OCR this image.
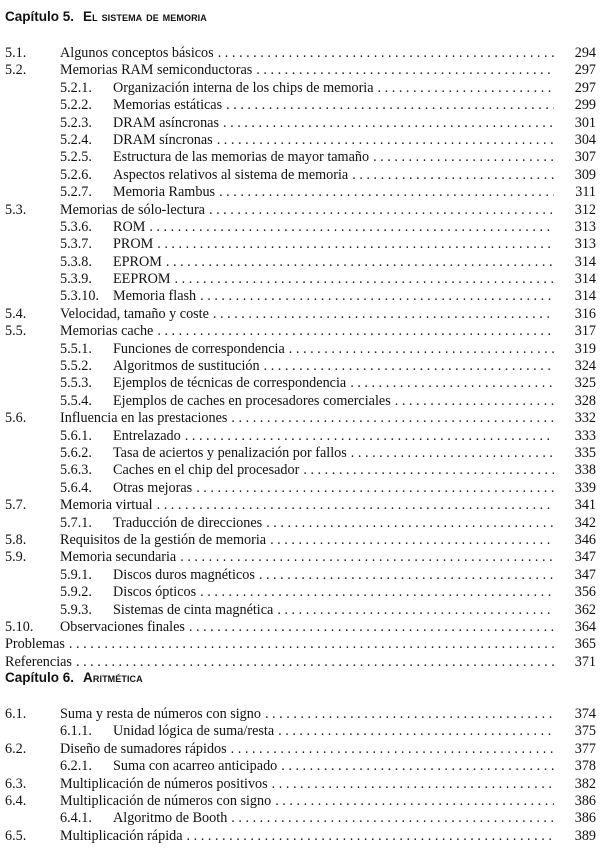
Capítulo 5. El sistema de memoria
5.1. Algunos conceptos básicos . . .	294
5.2. Memorias RAM semiconductoras . . .	297
5.2.1. Organización interna de los chips de memoria . . .	297
5.2.2. Memorias estáticas . . .	299
5.2.3. DRAM asíncronas . . .	301
5.2.4. DRAM síncronas . . .	304
5.2.5. Estructura de las memorias de mayor tamaño . . .	307
5.2.6. Aspectos relativos al sistema de memoria . . .	309
5.2.7. Memoria Rambus . . .	311
5.3. Memorias de sólo-lectura . . .	312
5.3.6. ROM . . .	313
5.3.7. PROM . . .	313
5.3.8. EPROM . . .	314
5.3.9. EEPROM . . .	314
5.3.10. Memoria flash . . .	314
5.4. Velocidad, tamaño y coste . . .	316
5.5. Memorias cache . . .	317
5.5.1. Funciones de correspondencia . . .	319
5.5.2. Algoritmos de sustitución . . .	324
5.5.3. Ejemplos de técnicas de correspondencia . . .	325
5.5.4. Ejemplos de caches en procesadores comerciales . . .	328
5.6. Influencia en las prestaciones . . .	332
5.6.1. Entrelazado . . .	333
5.6.2. Tasa de aciertos y penalización por fallos . . .	335
5.6.3. Caches en el chip del procesador . . .	338
5.6.4. Otras mejoras . . .	339
5.7. Memoria virtual . . .	341
5.7.1. Traducción de direcciones . . .	342
5.8. Requisitos de la gestión de memoria . . .	346
5.9. Memoria secundaria . . .	347
5.9.1. Discos duros magnéticos . . .	347
5.9.2. Discos ópticos . . .	356
5.9.3. Sistemas de cinta magnética . . .	362
5.10. Observaciones finales . . .	364
Problemas . . .	365
Referencias . . .	371
Capítulo 6. Aritmética
6.1. Suma y resta de números con signo . . .	374
6.1.1. Unidad lógica de suma/resta . . .	375
6.2. Diseño de sumadores rápidos . . .	377
6.2.1. Suma con acarreo anticipado . . .	378
6.3. Multiplicación de números positivos . . .	382
6.4. Multiplicación de números con signo . . .	386
6.4.1. Algoritmo de Booth . . .	386
6.5. Multiplicación rápida . . .	389
